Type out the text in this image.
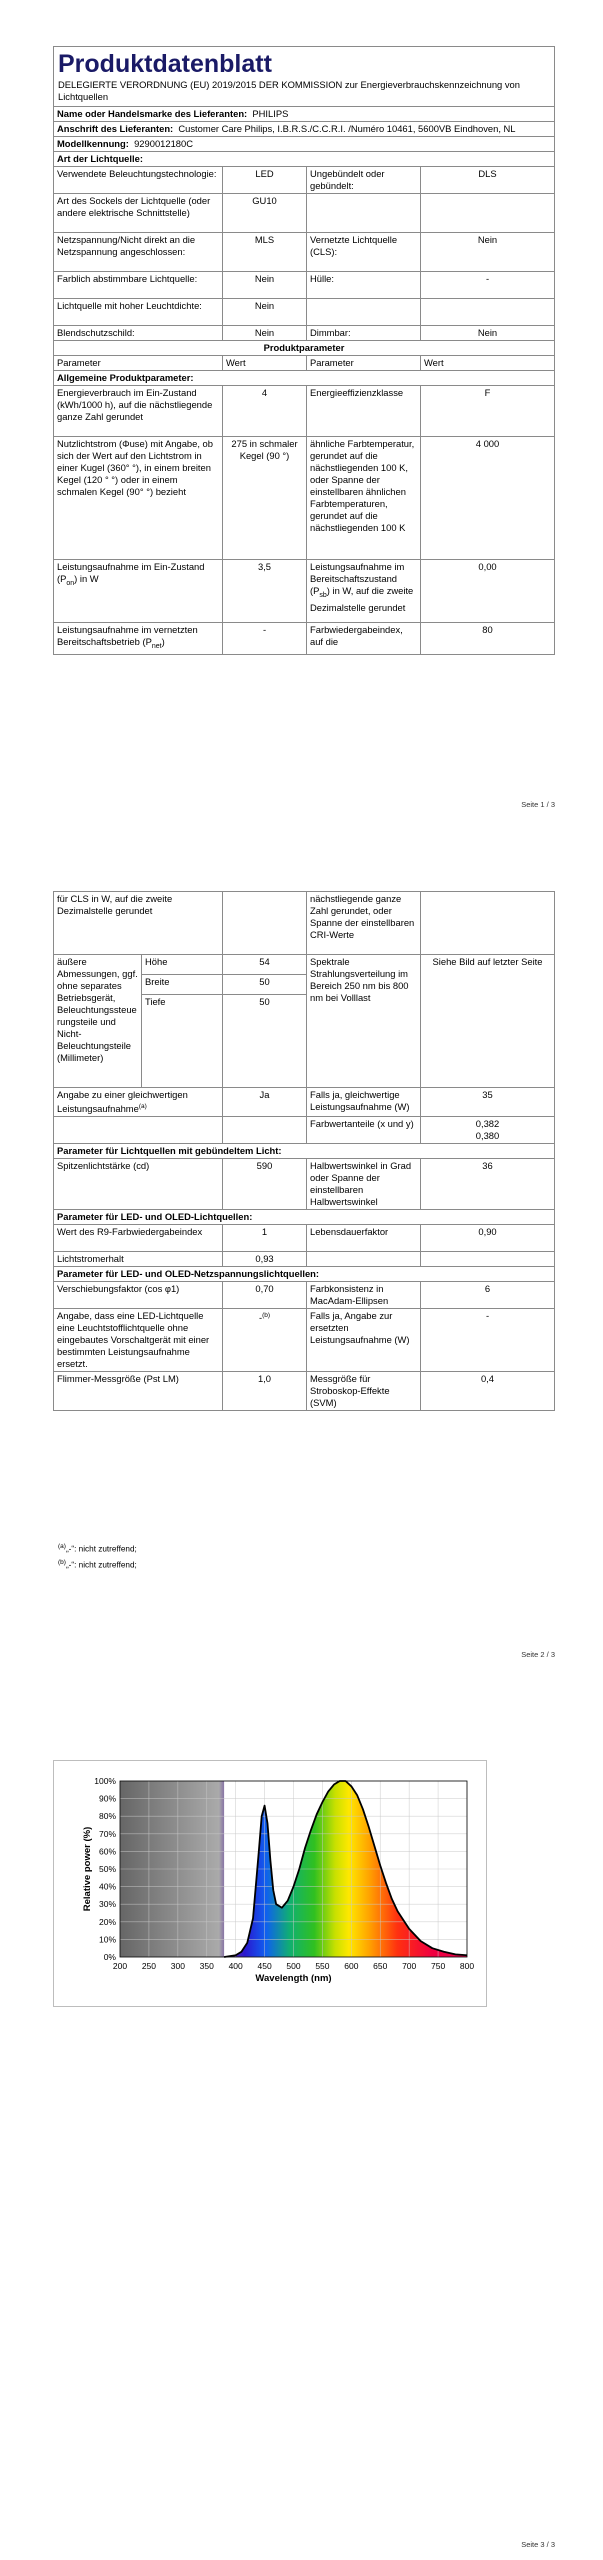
Produktdatenblatt
DELEGIERTE VERORDNUNG (EU) 2019/2015 DER KOMMISSION zur Energieverbrauchskennzeichnung von Lichtquellen			

Name oder Handelsmarke des Lieferanten: PHILIPS			
Anschrift des Lieferanten: Customer Care Philips, I.B.R.S./C.C.R.I. /Numéro 10461, 5600VB Eindhoven, NL			
Modellkennung: 9290012180C			
Art der Lichtquelle:			
Verwendete Beleuchtungstechnologie:	LED	Ungebündelt oder gebündelt:	DLS
Art des Sockels der Lichtquelle (oder andere elektrische Schnittstelle)	GU10		
Netzspannung/Nicht direkt an die Netzspannung angeschlossen:	MLS	Vernetzte Lichtquelle (CLS):	Nein
Farblich abstimmbare Lichtquelle:	Nein	Hülle:	-
Lichtquelle mit hoher Leuchtdichte:	Nein		
Blendschutzschild:	Nein	Dimmbar:	Nein
Produktparameter			
Parameter	Wert	Parameter	Wert
Allgemeine Produktparameter:			
Energieverbrauch im Ein-Zustand (kWh/1000 h), auf die nächstliegende ganze Zahl gerundet	4	Energieeffizienzklasse	F
Nutzlichtstrom (Φuse) mit Angabe, ob sich der Wert auf den Lichtstrom in einer Kugel (360° °), in einem breiten Kegel (120 ° °) oder in einem schmalen Kegel (90° °) bezieht	275 in schmaler Kegel (90 °)	ähnliche Farbtemperatur, gerundet auf die nächstliegenden 100 K, oder Spanne der einstellbaren ähnlichen Farbtemperaturen, gerundet auf die nächstliegenden 100 K	4 000
Leistungsaufnahme im Ein-Zustand $(P_{on})$ in W	3,5	Leistungsaufnahme im Bereitschaftszustand $(P_{sb})$ in W, auf die zweite Dezimalstelle gerundet	0,00
Leistungsaufnahme im vernetzten Bereitschaftsbetrieb $(P_{net})$	-	Farbwiedergabeindex, auf die	80
Seite 1 / 3
für CLS in W, auf die zweite Dezimalstelle gerundet			nächstliegende ganze Zahl gerundet, oder Spanne der einstellbaren CRI-Werte	
äußere Abmessungen, ggf. ohne separates Betriebsgerät, Beleuchtungssteuerungsteile und Nicht-Beleuchtungsteile (Millimeter)	Höhe	54	Spektrale Strahlungsverteilung im Bereich 250 nm bis 800 nm bei Volllast	Siehe Bild auf letzter Seite
	Breite	50		
	Tiefe	50		
Angabe zu einer gleichwertigen Leistungsaufnahme$^{(a)}$		Ja	Falls ja, gleichwertige Leistungsaufnahme (W)	35
			Farbwertanteile (x und y)	0,382
0,380
Parameter für Lichtquellen mit gebündeltem Licht:				
Spitzenlichtstärke (cd)		590	Halbwertswinkel in Grad oder Spanne der einstellbaren Halbwertswinkel	36
Parameter für LED- und OLED-Lichtquellen:				
Wert des R9-Farbwiedergabeindex		1	Lebensdauerfaktor	0,90
Lichtstromerhalt		0,93		
Parameter für LED- und OLED-Netzspannungslichtquellen:				
Verschiebungsfaktor (cos φ1)		0,70	Farbkonsistenz in MacAdam-Ellipsen	6
Angabe, dass eine LED-Lichtquelle eine Leuchtstofflichtquelle ohne eingebautes Vorschaltgerät mit einer bestimmten Leistungsaufnahme ersetzt.		-$^{(b)}$	Falls ja, Angabe zur ersetzten Leistungsaufnahme (W)	-
Flimmer-Messgröße (Pst LM)		1,0	Messgröße für Stroboskop-Effekte (SVM)	0,4
$^{(a)}$„-“: nicht zutreffend;
$^{(b)}$„-“: nicht zutreffend;
Seite 2 / 3
0%
10%
20%
30%
40%
50%
60%
70%
80%
90%
100%
200 250 300 350 400 450 500 550 600 650 700 750 800
Relative power (%)
Wavelength (nm)
Seite 3 / 3
